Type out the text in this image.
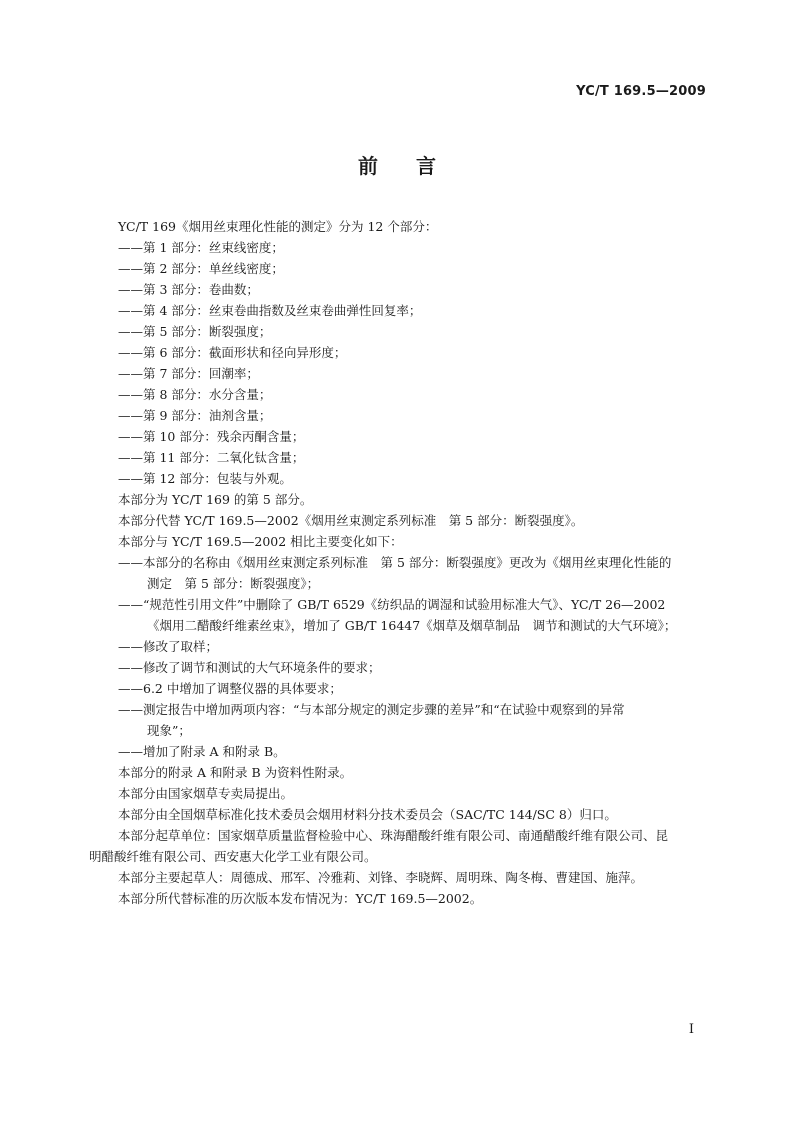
YC/T 169.5—2009
前言
YC/T 169《烟用丝束理化性能的测定》分为 12 个部分：
——第 1 部分：丝束线密度；
——第 2 部分：单丝线密度；
——第 3 部分：卷曲数；
——第 4 部分：丝束卷曲指数及丝束卷曲弹性回复率；
——第 5 部分：断裂强度；
——第 6 部分：截面形状和径向异形度；
——第 7 部分：回潮率；
——第 8 部分：水分含量；
——第 9 部分：油剂含量；
——第 10 部分：残余丙酮含量；
——第 11 部分：二氧化钛含量；
——第 12 部分：包装与外观。
本部分为 YC/T 169 的第 5 部分。
本部分代替 YC/T 169.5—2002《烟用丝束测定系列标准　第 5 部分：断裂强度》。
本部分与 YC/T 169.5—2002 相比主要变化如下：
——本部分的名称由《烟用丝束测定系列标准　第 5 部分：断裂强度》更改为《烟用丝束理化性能的
测定　第 5 部分：断裂强度》；
——“规范性引用文件”中删除了 GB/T 6529《纺织品的调湿和试验用标准大气》、YC/T 26—2002
《烟用二醋酸纤维素丝束》，增加了 GB/T 16447《烟草及烟草制品　调节和测试的大气环境》；
——修改了取样；
——修改了调节和测试的大气环境条件的要求；
——6.2 中增加了调整仪器的具体要求；
——测定报告中增加两项内容：“与本部分规定的测定步骤的差异”和“在试验中观察到的异常
现象”；
——增加了附录 A 和附录 B。
本部分的附录 A 和附录 B 为资料性附录。
本部分由国家烟草专卖局提出。
本部分由全国烟草标准化技术委员会烟用材料分技术委员会（SAC/TC 144/SC 8）归口。
本部分起草单位：国家烟草质量监督检验中心、珠海醋酸纤维有限公司、南通醋酸纤维有限公司、昆
明醋酸纤维有限公司、西安惠大化学工业有限公司。
本部分主要起草人：周德成、邢军、冷雅莉、刘锋、李晓辉、周明珠、陶冬梅、曹建国、施萍。
本部分所代替标准的历次版本发布情况为：YC/T 169.5—2002。
I
